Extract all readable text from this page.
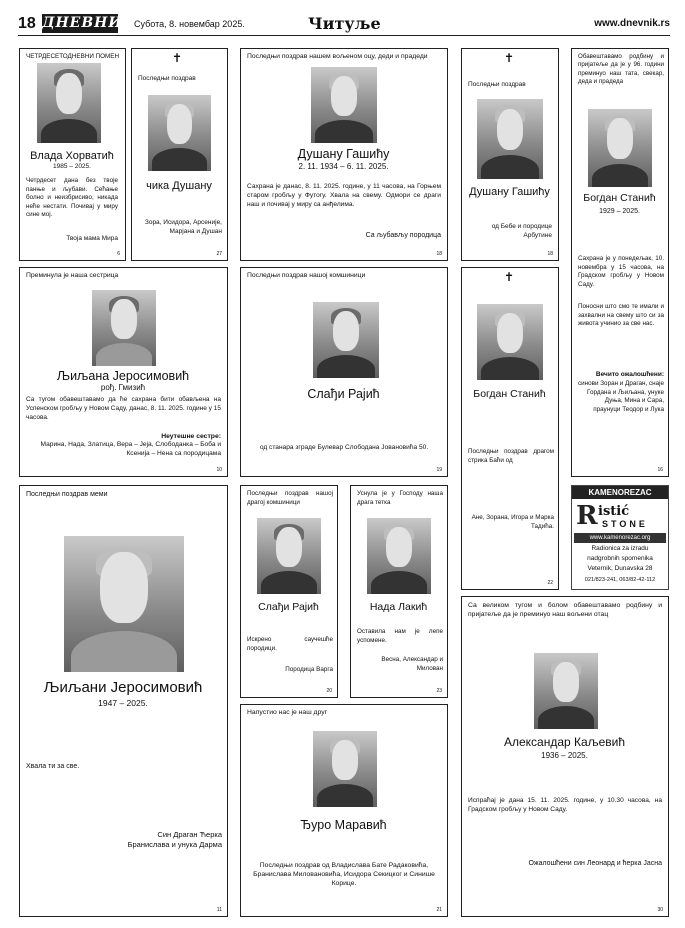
18 ДНЕВНИК
Субота, 8. новембар 2025.	Читуље	www.dnevnik.rs
ЧЕТРДЕСЕТОДНЕВНИ ПОМЕН
Влада Хорватић
1985 – 2025.
Четрдесет дана без твоје панње и љубави. Сећање болно и неизбрисиво, никада неће нестати. Почивај у миру сине мој.
Твоја мама Мира
6
✝
Последњи поздрав
чика Душану
Зора, Исидора, Арсеније, Марјана и Душан
27
Последњи поздрав нашем вољеном оцу, деди и прадеди
Душану Гашићу
2. 11. 1934 – 6. 11. 2025.
Сахрана је данас, 8. 11. 2025. године, у 11 часова, на Горњем старом гробљу у Футогу. Хвала на свему. Одмори се драги наш и почивај у миру са анђелима.
Са љубављу породица
18
✝
Последњи поздрав
Душану Гашићу
од Бебе и породице Арбутине
18
Обавештавамо родбину и пријатеље да је у 96. години преминуо наш тата, свекар, деда и прадеда
Богдан Станић
1929 – 2025.
Сахрана је у понедељак, 10. новембра у 15 часова, на Градском гробљу у Новом Саду.
Поносни што смо те имали и захвални на свему што си за живота учинио за све нас.
Вечито ожалошћени:
синови Зоран и Драган, снаје Гордана и Љиљана, унуке Дуња, Мина и Сара, праунуци Теодор и Лука
16
Преминула је наша сестрица
Љиљана Јеросимовић
рођ. Гмизић
Са тугом обавештавамо да ће сахрана бити обављена на Успенском гробљу у Новом Саду, данас, 8. 11. 2025. године у 15 часова.
Неутешне сестре:
Марина, Нада, Златица, Вера – Јеја, Слободанка – Боба и Ксенија – Нена са породицама
10
Последњи поздрав нашој комшиници
Слађи Рајић
од станара зграде Булевар Слободана Јовановића 50.
19
✝
Богдан Станић
Последњи поздрав драгом стрика Баћи од
Ане, Зорана, Игора и Марка Тадића.
22
Последњи поздрав меми
Љиљани Јеросимовић
1947 – 2025.
Хвала ти за све.
Син Драган Ћерка Бранислава и унука Дарма
11
Последњи поздрав нашој драгој комшиници
Слађи Рајић
Искрено саучешће породици.
Породица Варга
20
Уснула је у Господу наша драга тетка
Нада Лакић
Оставила нам је лепе успомене.
Весна, Александар и Милован
23
KAMENOREZAC
R istić
STONE
www.kamenorezac.org
Radionica za izradu
nadgrobnih spomenika
Veternik, Dunavska 28
021/823-241, 063/82-42-112
Са великом тугом и болом обавештавамо родбину и пријатеље да је преминуо наш вољени отац
Александар Каљевић
1936 – 2025.
Испраћај је дана 15. 11. 2025. године, у 10.30 часова, на Градском гробљу у Новом Саду.
Ожалошћени син Леонард и ћерка Јасна
30
Напустио нас је наш друг
Ђуро Маравић
Последњи поздрав од Владислава Бате Радаковића, Бранислава Миловановића, Исидора Секицког и Синише Корице.
21
